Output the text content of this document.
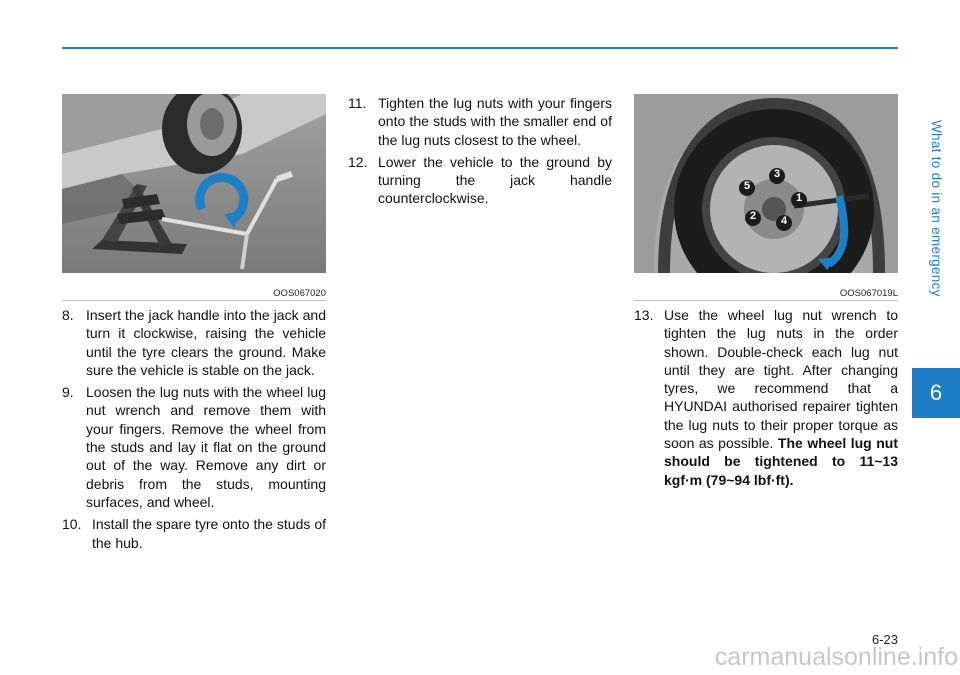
What to do in an emergency
6
OOS067020
1
3
5
2 4
OOS067019L
8. Insert the jack handle into the jack and turn it clockwise, raising the vehicle until the tyre clears the ground. Make sure the vehicle is stable on the jack.
9. Loosen the lug nuts with the wheel lug nut wrench and remove them with your fingers. Remove the wheel from the studs and lay it flat on the ground out of the way. Remove any dirt or debris from the studs, mounting surfaces, and wheel.
10. Install the spare tyre onto the studs of the hub.
11. Tighten the lug nuts with your fingers onto the studs with the smaller end of the lug nuts closest to the wheel.
12. Lower the vehicle to the ground by turning the jack handle counterclockwise.
13. Use the wheel lug nut wrench to tighten the lug nuts in the order shown. Double-check each lug nut until they are tight. After changing tyres, we recommend that a HYUNDAI authorised repairer tighten the lug nuts to their proper torque as soon as possible. The wheel lug nut should be tightened to 11~13 kgf·m (79~94 lbf·ft).
6-23
carmanualsonline.info
